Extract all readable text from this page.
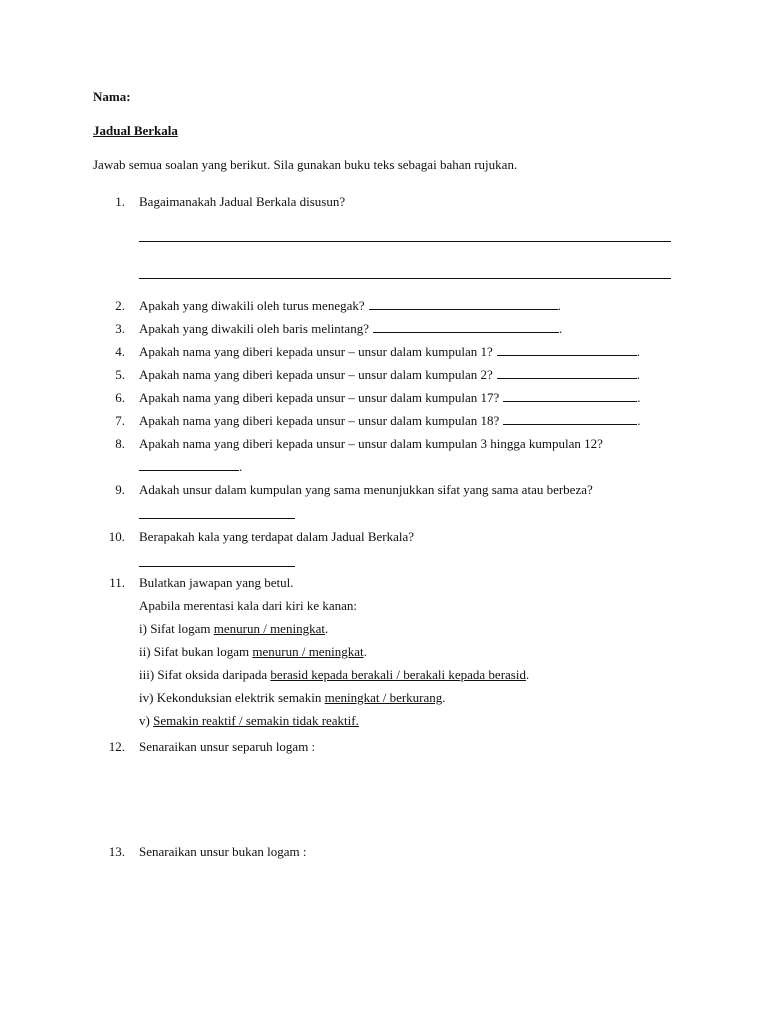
Nama:
Jadual Berkala
Jawab semua soalan yang berikut. Sila gunakan buku teks sebagai bahan rujukan.
1. Bagaimanakah Jadual Berkala disusun?
2. Apakah yang diwakili oleh turus menegak?	.
3. Apakah yang diwakili oleh baris melintang?	.
4. Apakah nama yang diberi kepada unsur – unsur dalam kumpulan 1?	.
5. Apakah nama yang diberi kepada unsur – unsur dalam kumpulan 2?	.
6. Apakah nama yang diberi kepada unsur – unsur dalam kumpulan 17?	.
7. Apakah nama yang diberi kepada unsur – unsur dalam kumpulan 18?	.
8. Apakah nama yang diberi kepada unsur – unsur dalam kumpulan 3 hingga kumpulan 12?
.
9. Adakah unsur dalam kumpulan yang sama menunjukkan sifat yang sama atau berbeza?
10. Berapakah kala yang terdapat dalam Jadual Berkala?
11. Bulatkan jawapan yang betul.
Apabila merentasi kala dari kiri ke kanan:
i) Sifat logam menurun / meningkat.
ii) Sifat bukan logam menurun / meningkat.
iii) Sifat oksida daripada berasid kepada berakali / berakali kepada berasid.
iv) Kekonduksian elektrik semakin meningkat / berkurang.
v) Semakin reaktif / semakin tidak reaktif.
12. Senaraikan unsur separuh logam :
13. Senaraikan unsur bukan logam :
